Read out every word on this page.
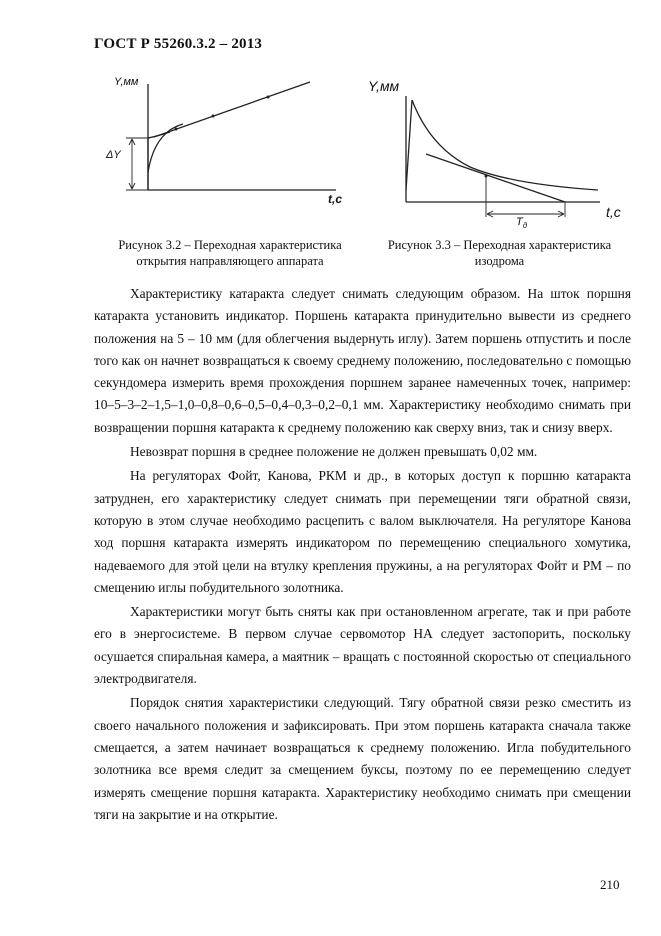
ГОСТ Р 55260.3.2 – 2013
Y,мм
t,c
ΔY
Y,мм
t,c
$T_д$
Рисунок 3.2 – Переходная характеристика
открытия направляющего аппарата
Рисунок 3.3 – Переходная характеристика
изодрома

Характеристику катаракта следует снимать следующим образом. На шток поршня катаракта установить индикатор. Поршень катаракта принудительно вывести из среднего положения на 5 – 10 мм (для облегчения выдернуть иглу). Затем поршень отпустить и после того как он начнет возвращаться к своему среднему положению, последовательно с помощью секундомера измерить время прохождения поршнем заранее намеченных точек, например: 10–5–3–2–1,5–1,0–0,8–0,6–0,5–0,4–0,3–0,2–0,1 мм. Характеристику необходимо снимать при возвращении поршня катаракта к среднему положению как сверху вниз, так и снизу вверх.

Невозврат поршня в среднее положение не должен превышать 0,02 мм.

На регуляторах Фойт, Канова, РКМ и др., в которых доступ к поршню катаракта затруднен, его характеристику следует снимать при перемещении тяги обратной связи, которую в этом случае необходимо расцепить с валом выключателя. На регуляторе Канова ход поршня катаракта измерять индикатором по перемещению специального хомутика, надеваемого для этой цели на втулку крепления пружины, а на регуляторах Фойт и РМ – по смещению иглы побудительного золотника.

Характеристики могут быть сняты как при остановленном агрегате, так и при работе его в энергосистеме. В первом случае сервомотор НА следует застопорить, поскольку осушается спиральная камера, а маятник – вращать с постоянной скоростью от специального электродвигателя.

Порядок снятия характеристики следующий. Тягу обратной связи резко сместить из своего начального положения и зафиксировать. При этом поршень катаракта сначала также смещается, а затем начинает возвращаться к среднему положению. Игла побудительного золотника все время следит за смещением буксы, поэтому по ее перемещению следует измерять смещение поршня катаракта. Характеристику необходимо снимать при смещении тяги на закрытие и на открытие.

210
